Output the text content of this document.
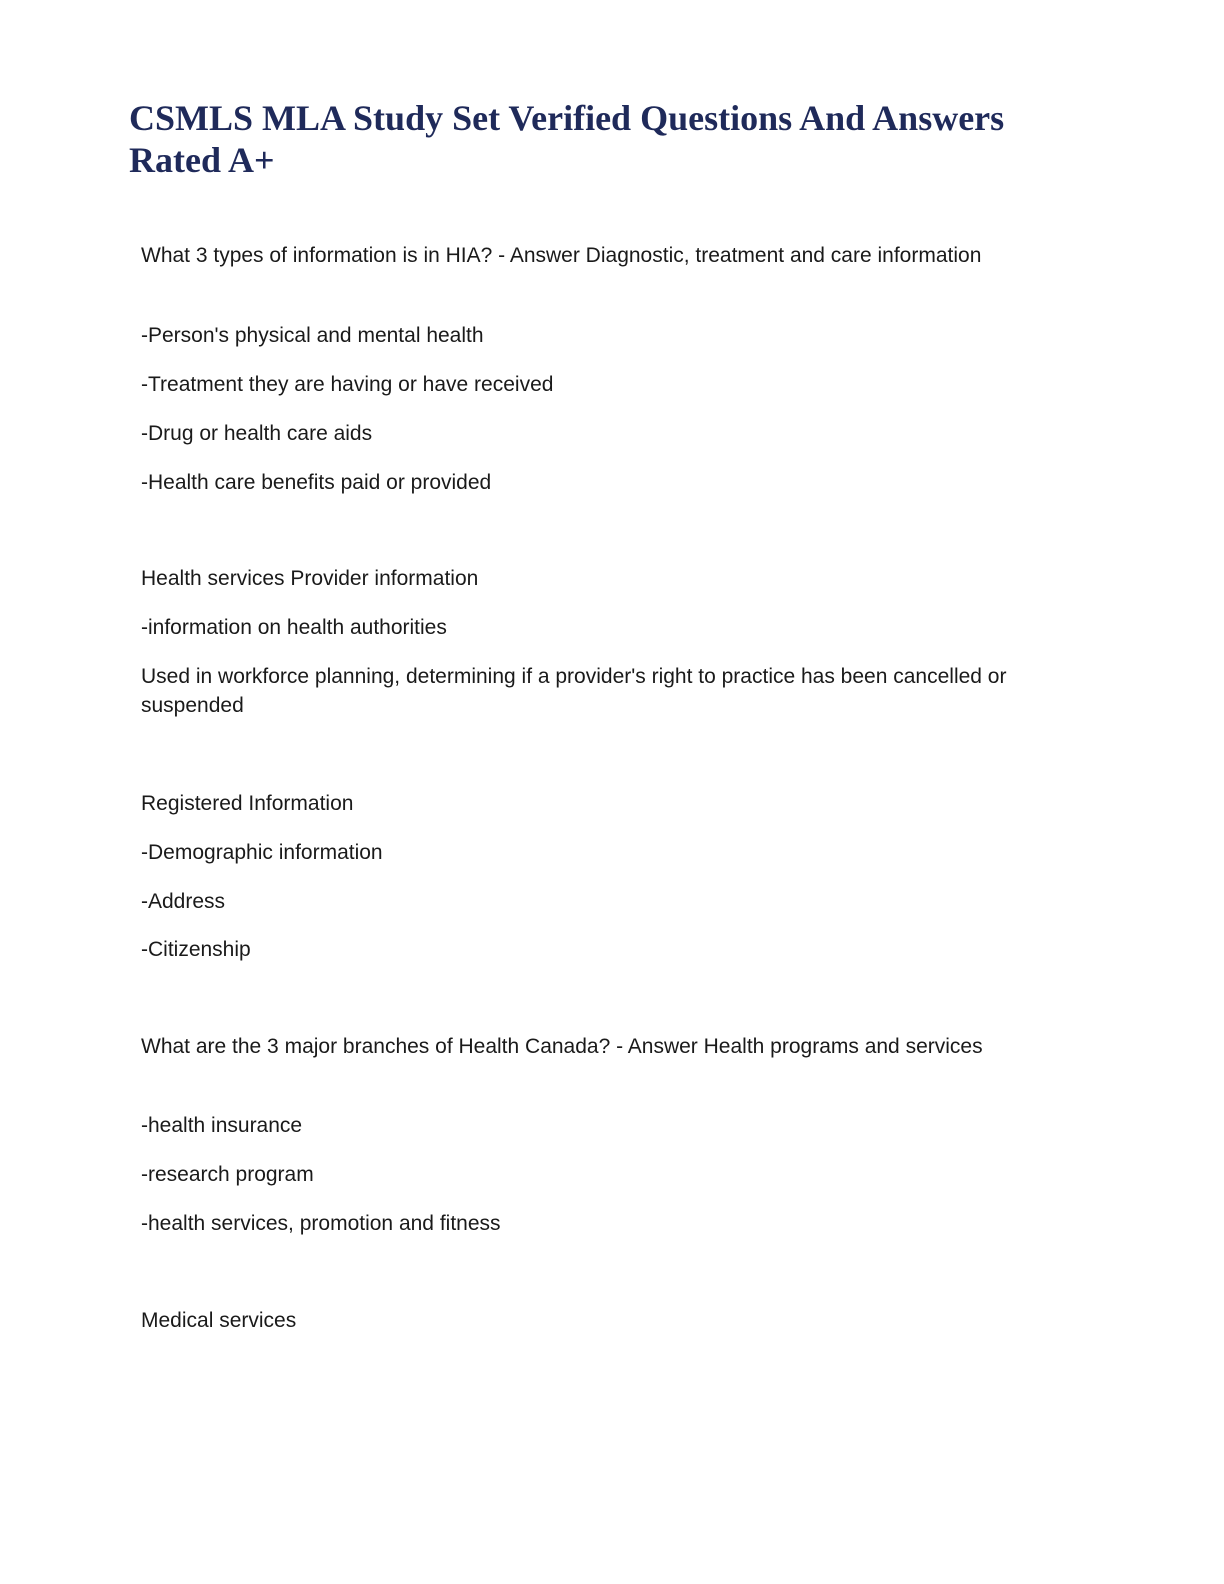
CSMLS MLA Study Set Verified Questions And Answers Rated A+

What 3 types of information is in HIA? - Answer Diagnostic, treatment and care information

-Person's physical and mental health

-Treatment they are having or have received

-Drug or health care aids

-Health care benefits paid or provided

Health services Provider information

-information on health authorities

Used in workforce planning, determining if a provider's right to practice has been cancelled or suspended

Registered Information

-Demographic information

-Address

-Citizenship

What are the 3 major branches of Health Canada? - Answer Health programs and services

-health insurance

-research program

-health services, promotion and fitness

Medical services
